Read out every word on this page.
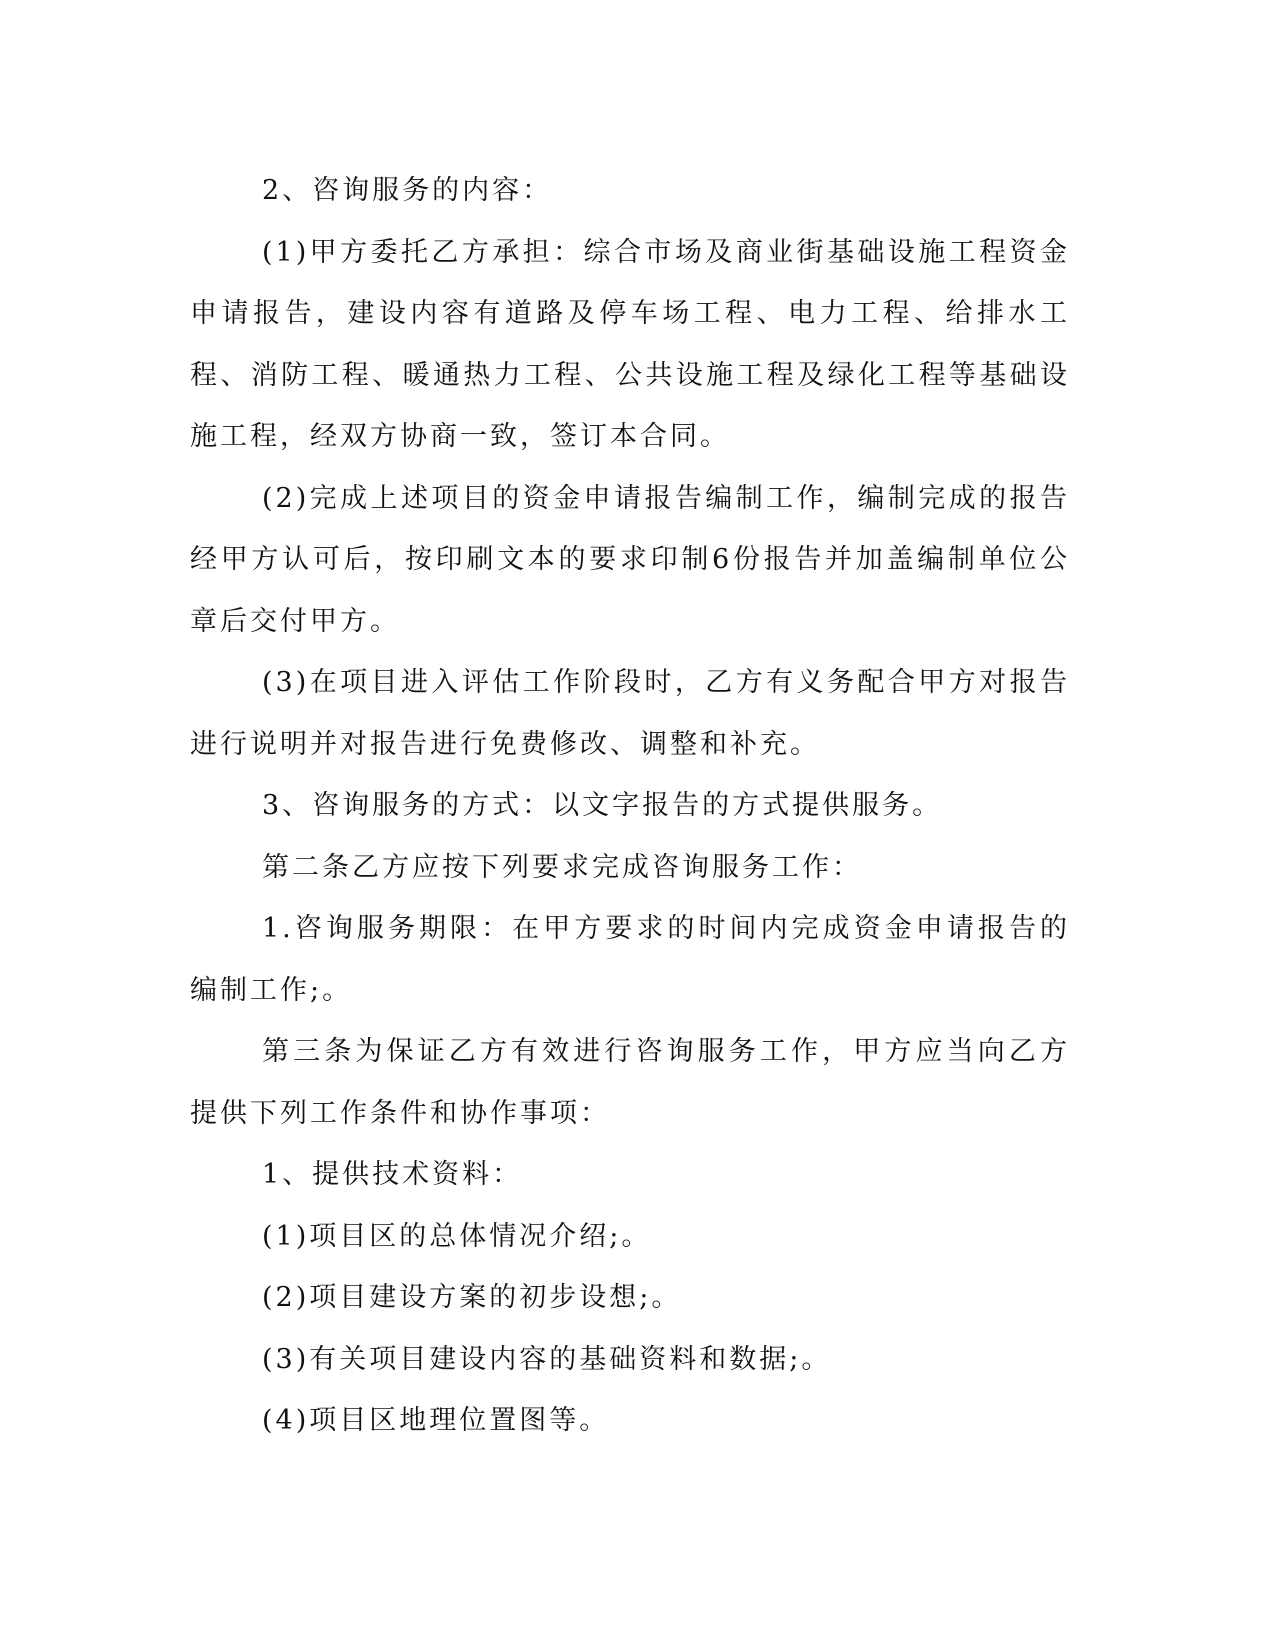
2、咨询服务的内容：

(1)甲方委托乙方承担：综合市场及商业街基础设施工程资金申请报告，建设内容有道路及停车场工程、电力工程、给排水工程、消防工程、暖通热力工程、公共设施工程及绿化工程等基础设施工程，经双方协商一致，签订本合同。

(2)完成上述项目的资金申请报告编制工作，编制完成的报告经甲方认可后，按印刷文本的要求印制6份报告并加盖编制单位公章后交付甲方。

(3)在项目进入评估工作阶段时，乙方有义务配合甲方对报告进行说明并对报告进行免费修改、调整和补充。

3、咨询服务的方式：以文字报告的方式提供服务。

第二条乙方应按下列要求完成咨询服务工作：

1.咨询服务期限：在甲方要求的时间内完成资金申请报告的编制工作;。

第三条为保证乙方有效进行咨询服务工作，甲方应当向乙方提供下列工作条件和协作事项：

1、提供技术资料：

(1)项目区的总体情况介绍;。

(2)项目建设方案的初步设想;。

(3)有关项目建设内容的基础资料和数据;。

(4)项目区地理位置图等。
